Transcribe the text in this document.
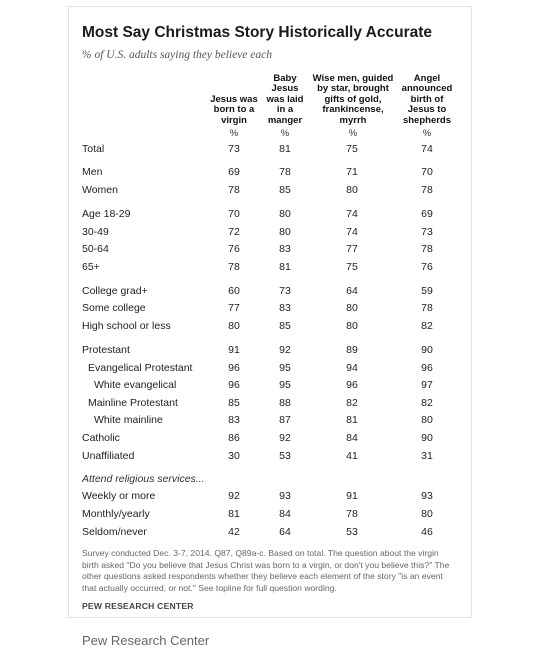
Most Say Christmas Story Historically Accurate
% of U.S. adults saying they believe each
Jesus was born to a virgin
Baby Jesus was laid in a manger
Wise men, guided by star, brought gifts of gold, frankincense, myrrh
Angel announced birth of Jesus to shepherds
%	%	%	%
Total	73	81	75	74
Men	69	78	71	70
Women	78	85	80	78
Age 18-29	70	80	74	69
30-49	72	80	74	73
50-64	76	83	77	78
65+	78	81	75	76
College grad+	60	73	64	59
Some college	77	83	80	78
High school or less	80	85	80	82
Protestant	91	92	89	90
Evangelical Protestant	96	95	94	96
White evangelical	96	95	96	97
Mainline Protestant	85	88	82	82
White mainline	83	87	81	80
Catholic	86	92	84	90
Unaffiliated	30	53	41	31
Attend religious services...
Weekly or more	92	93	91	93
Monthly/yearly	81	84	78	80
Seldom/never	42	64	53	46
Survey conducted Dec. 3-7, 2014. Q87, Q89a-c. Based on total. The question about the virgin birth asked "Do you believe that Jesus Christ was born to a virgin, or don't you believe this?" The other questions asked respondents whether they believe each element of the story "is an event that actually occurred, or not." See topline for full question wording.
PEW RESEARCH CENTER
Pew Research Center
